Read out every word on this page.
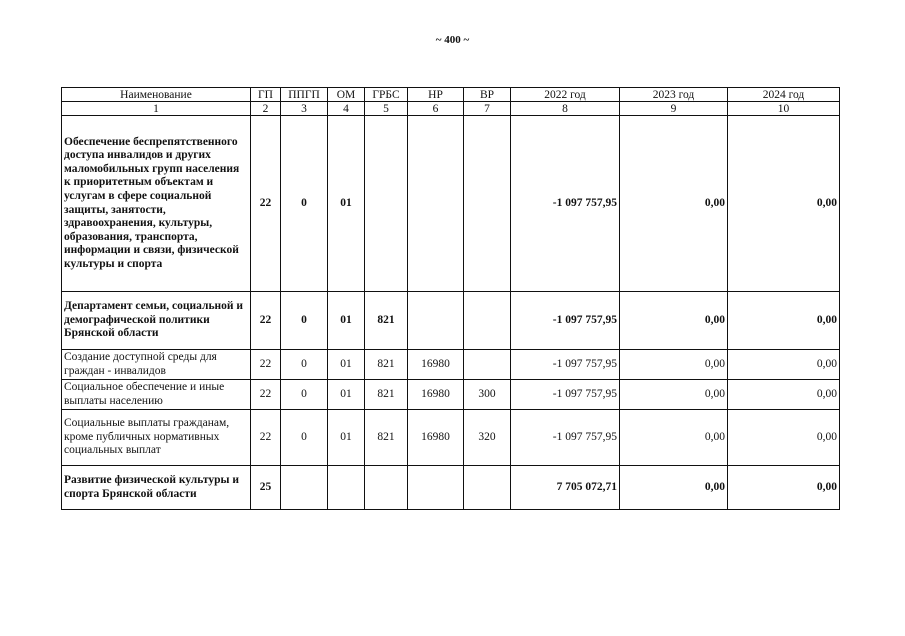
~ 400 ~
Наименование	ГП	ППГП	ОМ	ГРБС	НР	ВР	2022 год	2023 год	2024 год
1	2	3	4	5	6	7	8	9	10
Обеспечение беспрепятственного доступа инвалидов и других маломобильных групп населения к приоритетным объектам и услугам в сфере социальной защиты, занятости, здравоохранения, культуры, образования, транспорта, информации и связи, физической культуры и спорта	22	0	01				-1 097 757,95	0,00	0,00
Департамент семьи, социальной и демографической политики Брянской области	22	0	01	821			-1 097 757,95	0,00	0,00
Создание доступной среды для граждан - инвалидов	22	0	01	821	16980		-1 097 757,95	0,00	0,00
Социальное обеспечение и иные выплаты населению	22	0	01	821	16980	300	-1 097 757,95	0,00	0,00
Социальные выплаты гражданам, кроме публичных нормативных социальных выплат	22	0	01	821	16980	320	-1 097 757,95	0,00	0,00
Развитие физической культуры и спорта Брянской области	25						7 705 072,71	0,00	0,00
